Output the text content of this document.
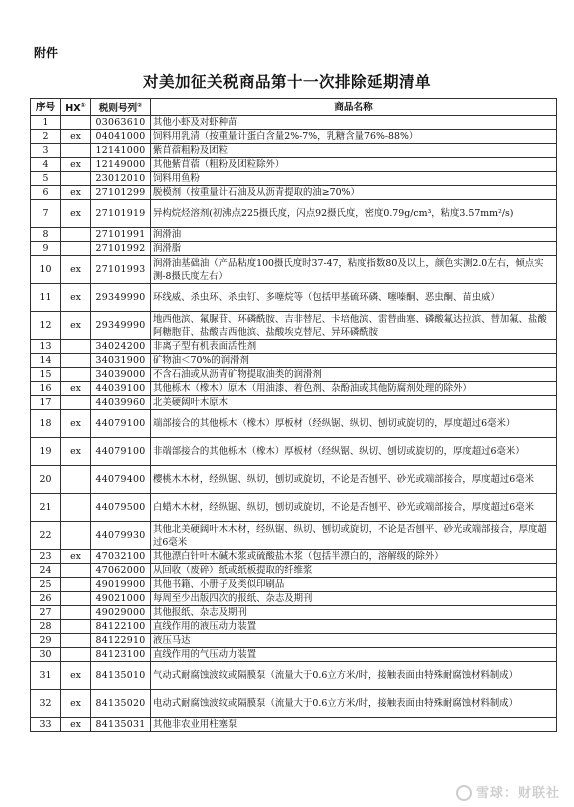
附件
对美加征关税商品第十一次排除延期清单
序号	HX①	税则号列②	商品名称
1		03063610	其他小虾及对虾种苗
2	ex	04041000	饲料用乳清（按重量计蛋白含量2%-7%，乳糖含量76%-88%）
3		12141000	紫苜蓿粗粉及团粒
4	ex	12149000	其他紫苜蓿（粗粉及团粒除外）
5		23012010	饲料用鱼粉
6	ex	27101299	脱模剂（按重量计石油及从沥青提取的油≥70%）
7	ex	27101919	异构烷烃溶剂(初沸点225摄氏度，闪点92摄氏度，密度0.79g/cm³，粘度3.57mm²/s)
8		27101991	润滑油
9		27101992	润滑脂
10	ex	27101993	润滑油基础油（产品粘度100摄氏度时37-47，粘度指数80及以上，颜色实测2.0左右，倾点实测-8摄氏度左右）
11	ex	29349990	环线威、杀虫环、杀虫钉、多噻烷等（包括甲基硫环磷、噻嗪酮、恶虫酮、苗虫威）
12	ex	29349990	地西他滨、氟脲苷、环磷酰胺、吉非替尼、卡培他滨、雷替曲塞、磷酸氟达拉滨、替加氟、盐酸阿糖胞苷、盐酸吉西他滨、盐酸埃克替尼、异环磷酰胺
13		34024200	非离子型有机表面活性剂
14		34031900	矿物油＜70%的润滑剂
15		34039000	不含石油或从沥青矿物提取油类的润滑剂
16	ex	44039100	其他栎木（橡木）原木（用油漆、着色剂、杂酚油或其他防腐剂处理的除外）
17		44039960	北美硬阔叶木原木
18	ex	44079100	端部接合的其他栎木（橡木）厚板材（经纵锯、纵切、刨切或旋切的，厚度超过6毫米）
19	ex	44079100	非端部接合的其他栎木（橡木）厚板材（经纵锯、纵切、刨切或旋切的，厚度超过6毫米）
20		44079400	樱桃木木材，经纵锯、纵切，刨切或旋切，不论是否刨平、砂光或端部接合，厚度超过6毫米
21		44079500	白蜡木木材，经纵锯、纵切，刨切或旋切，不论是否刨平、砂光或端部接合，厚度超过6毫米
22		44079930	其他北美硬阔叶木木材，经纵锯、纵切、刨切或旋切，不论是否刨平、砂光或端部接合，厚度超过6毫米
23	ex	47032100	其他漂白针叶木碱木浆或硫酸盐木浆（包括半漂白的，溶解级的除外）
24		47062000	从回收（废碎）纸或纸板提取的纤维浆
25		49019900	其他书籍、小册子及类似印刷品
26		49021000	每周至少出版四次的报纸、杂志及期刊
27		49029000	其他报纸、杂志及期刊
28		84122100	直线作用的液压动力装置
29		84122910	液压马达
30		84123100	直线作用的气压动力装置
31	ex	84135010	气动式耐腐蚀波纹或隔膜泵（流量大于0.6立方米/时，接触表面由特殊耐腐蚀材料制成）
32	ex	84135020	电动式耐腐蚀波纹或隔膜泵（流量大于0.6立方米/时，接触表面由特殊耐腐蚀材料制成）
33	ex	84135031	其他非农业用柱塞泵
雪球：财联社
